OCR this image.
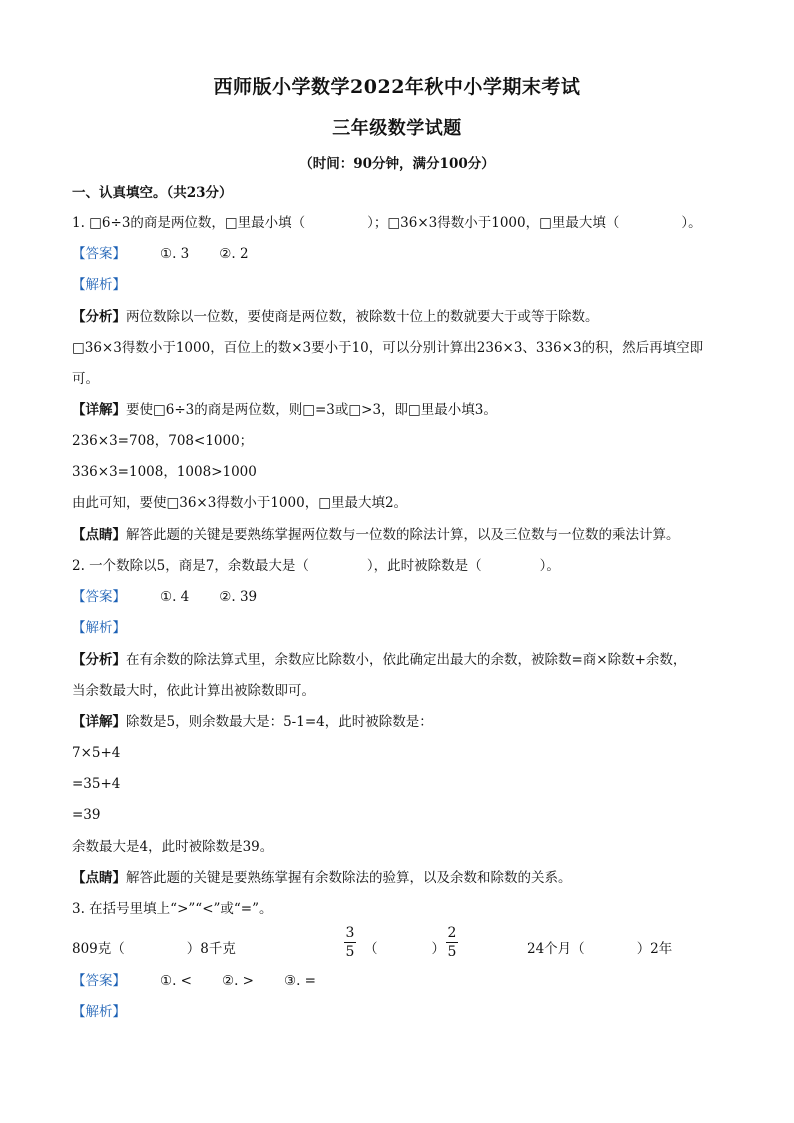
西师版小学数学2022年秋中小学期末考试
三年级数学试题
（时间：90分钟，满分100分）
一、认真填空。（共23分）
1. □6÷3的商是两位数，□里最小填（	）；□36×3得数小于1000，□里最大填（	）。
【答案】	①. 3 ②. 2
【解析】
【分析】两位数除以一位数，要使商是两位数，被除数十位上的数就要大于或等于除数。
□36×3得数小于1000，百位上的数×3要小于10，可以分别计算出236×3、336×3的积，然后再填空即
可。
【详解】要使□6÷3的商是两位数，则□=3或□>3，即□里最小填3。
236×3=708，708<1000；
336×3=1008，1008>1000
由此可知，要使□36×3得数小于1000，□里最大填2。
【点睛】解答此题的关键是要熟练掌握两位数与一位数的除法计算，以及三位数与一位数的乘法计算。
2. 一个数除以5，商是7，余数最大是（	），此时被除数是（	）。
【答案】	①. 4 ②. 39
【解析】
【分析】在有余数的除法算式里，余数应比除数小，依此确定出最大的余数，被除数=商×除数+余数，
当余数最大时，依此计算出被除数即可。
【详解】除数是5，则余数最大是：5-1=4，此时被除数是：
7×5+4
=35+4
=39
余数最大是4，此时被除数是39。
【点睛】解答此题的关键是要熟练掌握有余数除法的验算，以及余数和除数的关系。
3. 在括号里填上“>”“<”或“=”。
809克（	）8千克
3
5 （	）
2
5	24个月（	）2年
【答案】	①. < ②. > ③. =
【解析】
